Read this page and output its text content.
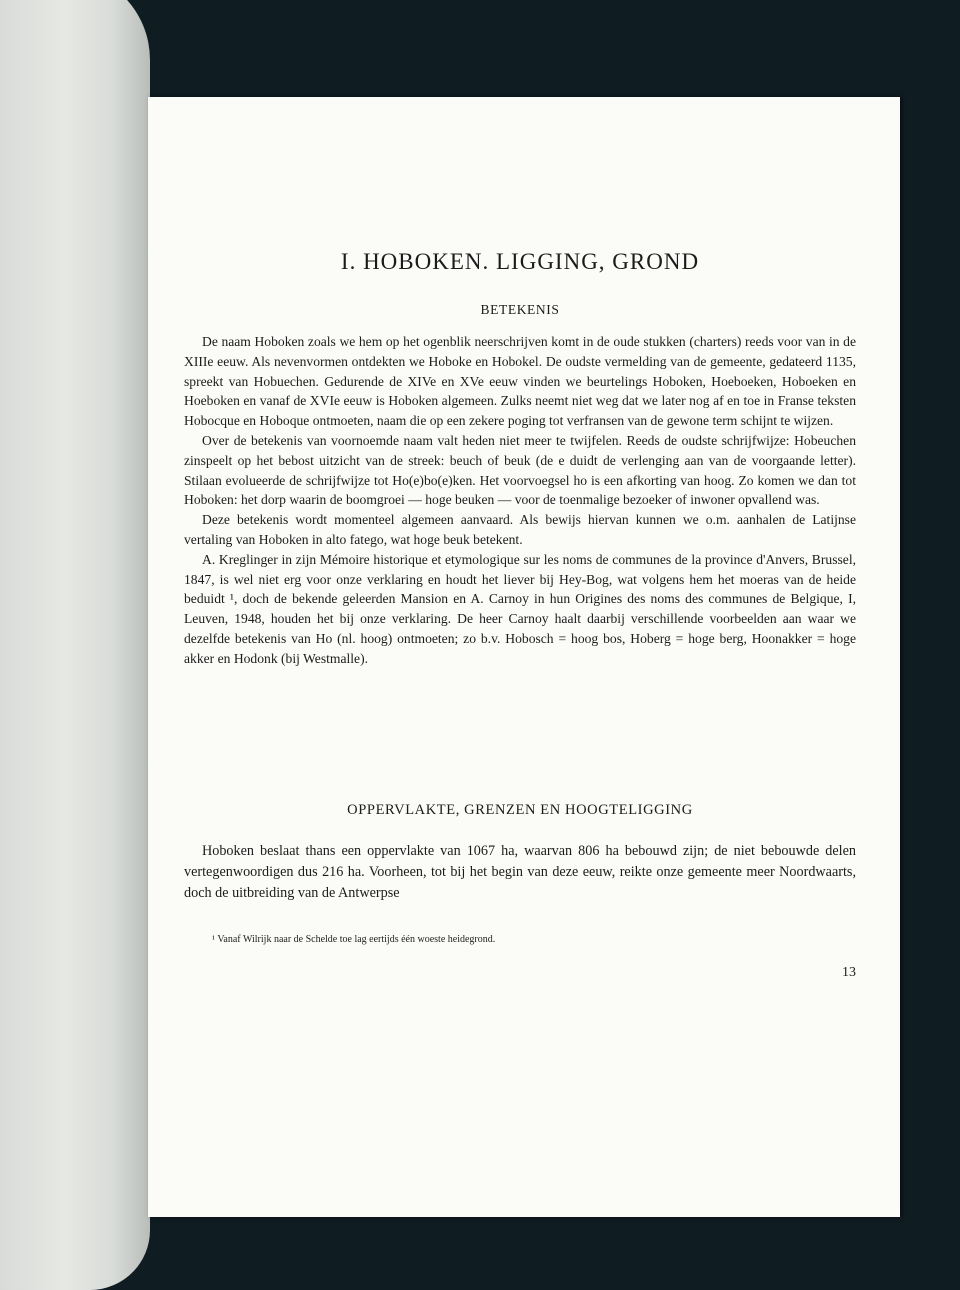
I. HOBOKEN. LIGGING, GROND
BETEKENIS

De naam Hoboken zoals we hem op het ogenblik neerschrijven komt in de oude stukken (charters) reeds voor van in de XIIIe eeuw. Als nevenvormen ontdekten we Hoboke en Hobokel. De oudste vermelding van de gemeente, gedateerd 1135, spreekt van Hobuechen. Gedurende de XIVe en XVe eeuw vinden we beurtelings Hoboken, Hoeboeken, Hoboeken en Hoeboken en vanaf de XVIe eeuw is Hoboken algemeen. Zulks neemt niet weg dat we later nog af en toe in Franse teksten Hobocque en Hoboque ontmoeten, naam die op een zekere poging tot verfransen van de gewone term schijnt te wijzen.

Over de betekenis van voornoemde naam valt heden niet meer te twijfelen. Reeds de oudste schrijfwijze: Hobeuchen zinspeelt op het bebost uitzicht van de streek: beuch of beuk (de e duidt de verlenging aan van de voorgaande letter). Stilaan evolueerde de schrijfwijze tot Ho(e)bo(e)ken. Het voorvoegsel ho is een afkorting van hoog. Zo komen we dan tot Hoboken: het dorp waarin de boomgroei — hoge beuken — voor de toenmalige bezoeker of inwoner opvallend was.

Deze betekenis wordt momenteel algemeen aanvaard. Als bewijs hiervan kunnen we o.m. aanhalen de Latijnse vertaling van Hoboken in alto fatego, wat hoge beuk betekent.

A. Kreglinger in zijn Mémoire historique et etymologique sur les noms de communes de la province d'Anvers, Brussel, 1847, is wel niet erg voor onze verklaring en houdt het liever bij Hey-Bog, wat volgens hem het moeras van de heide beduidt ¹, doch de bekende geleerden Mansion en A. Carnoy in hun Origines des noms des communes de Belgique, I, Leuven, 1948, houden het bij onze verklaring. De heer Carnoy haalt daarbij verschillende voorbeelden aan waar we dezelfde betekenis van Ho (nl. hoog) ontmoeten; zo b.v. Hobosch = hoog bos, Hoberg = hoge berg, Hoonakker = hoge akker en Hodonk (bij Westmalle).

OPPERVLAKTE, GRENZEN EN HOOGTELIGGING

Hoboken beslaat thans een oppervlakte van 1067 ha, waarvan 806 ha bebouwd zijn; de niet bebouwde delen vertegenwoordigen dus 216 ha. Voorheen, tot bij het begin van deze eeuw, reikte onze gemeente meer Noordwaarts, doch de uitbreiding van de Antwerpse

¹ Vanaf Wilrijk naar de Schelde toe lag eertijds één woeste heidegrond.
13
